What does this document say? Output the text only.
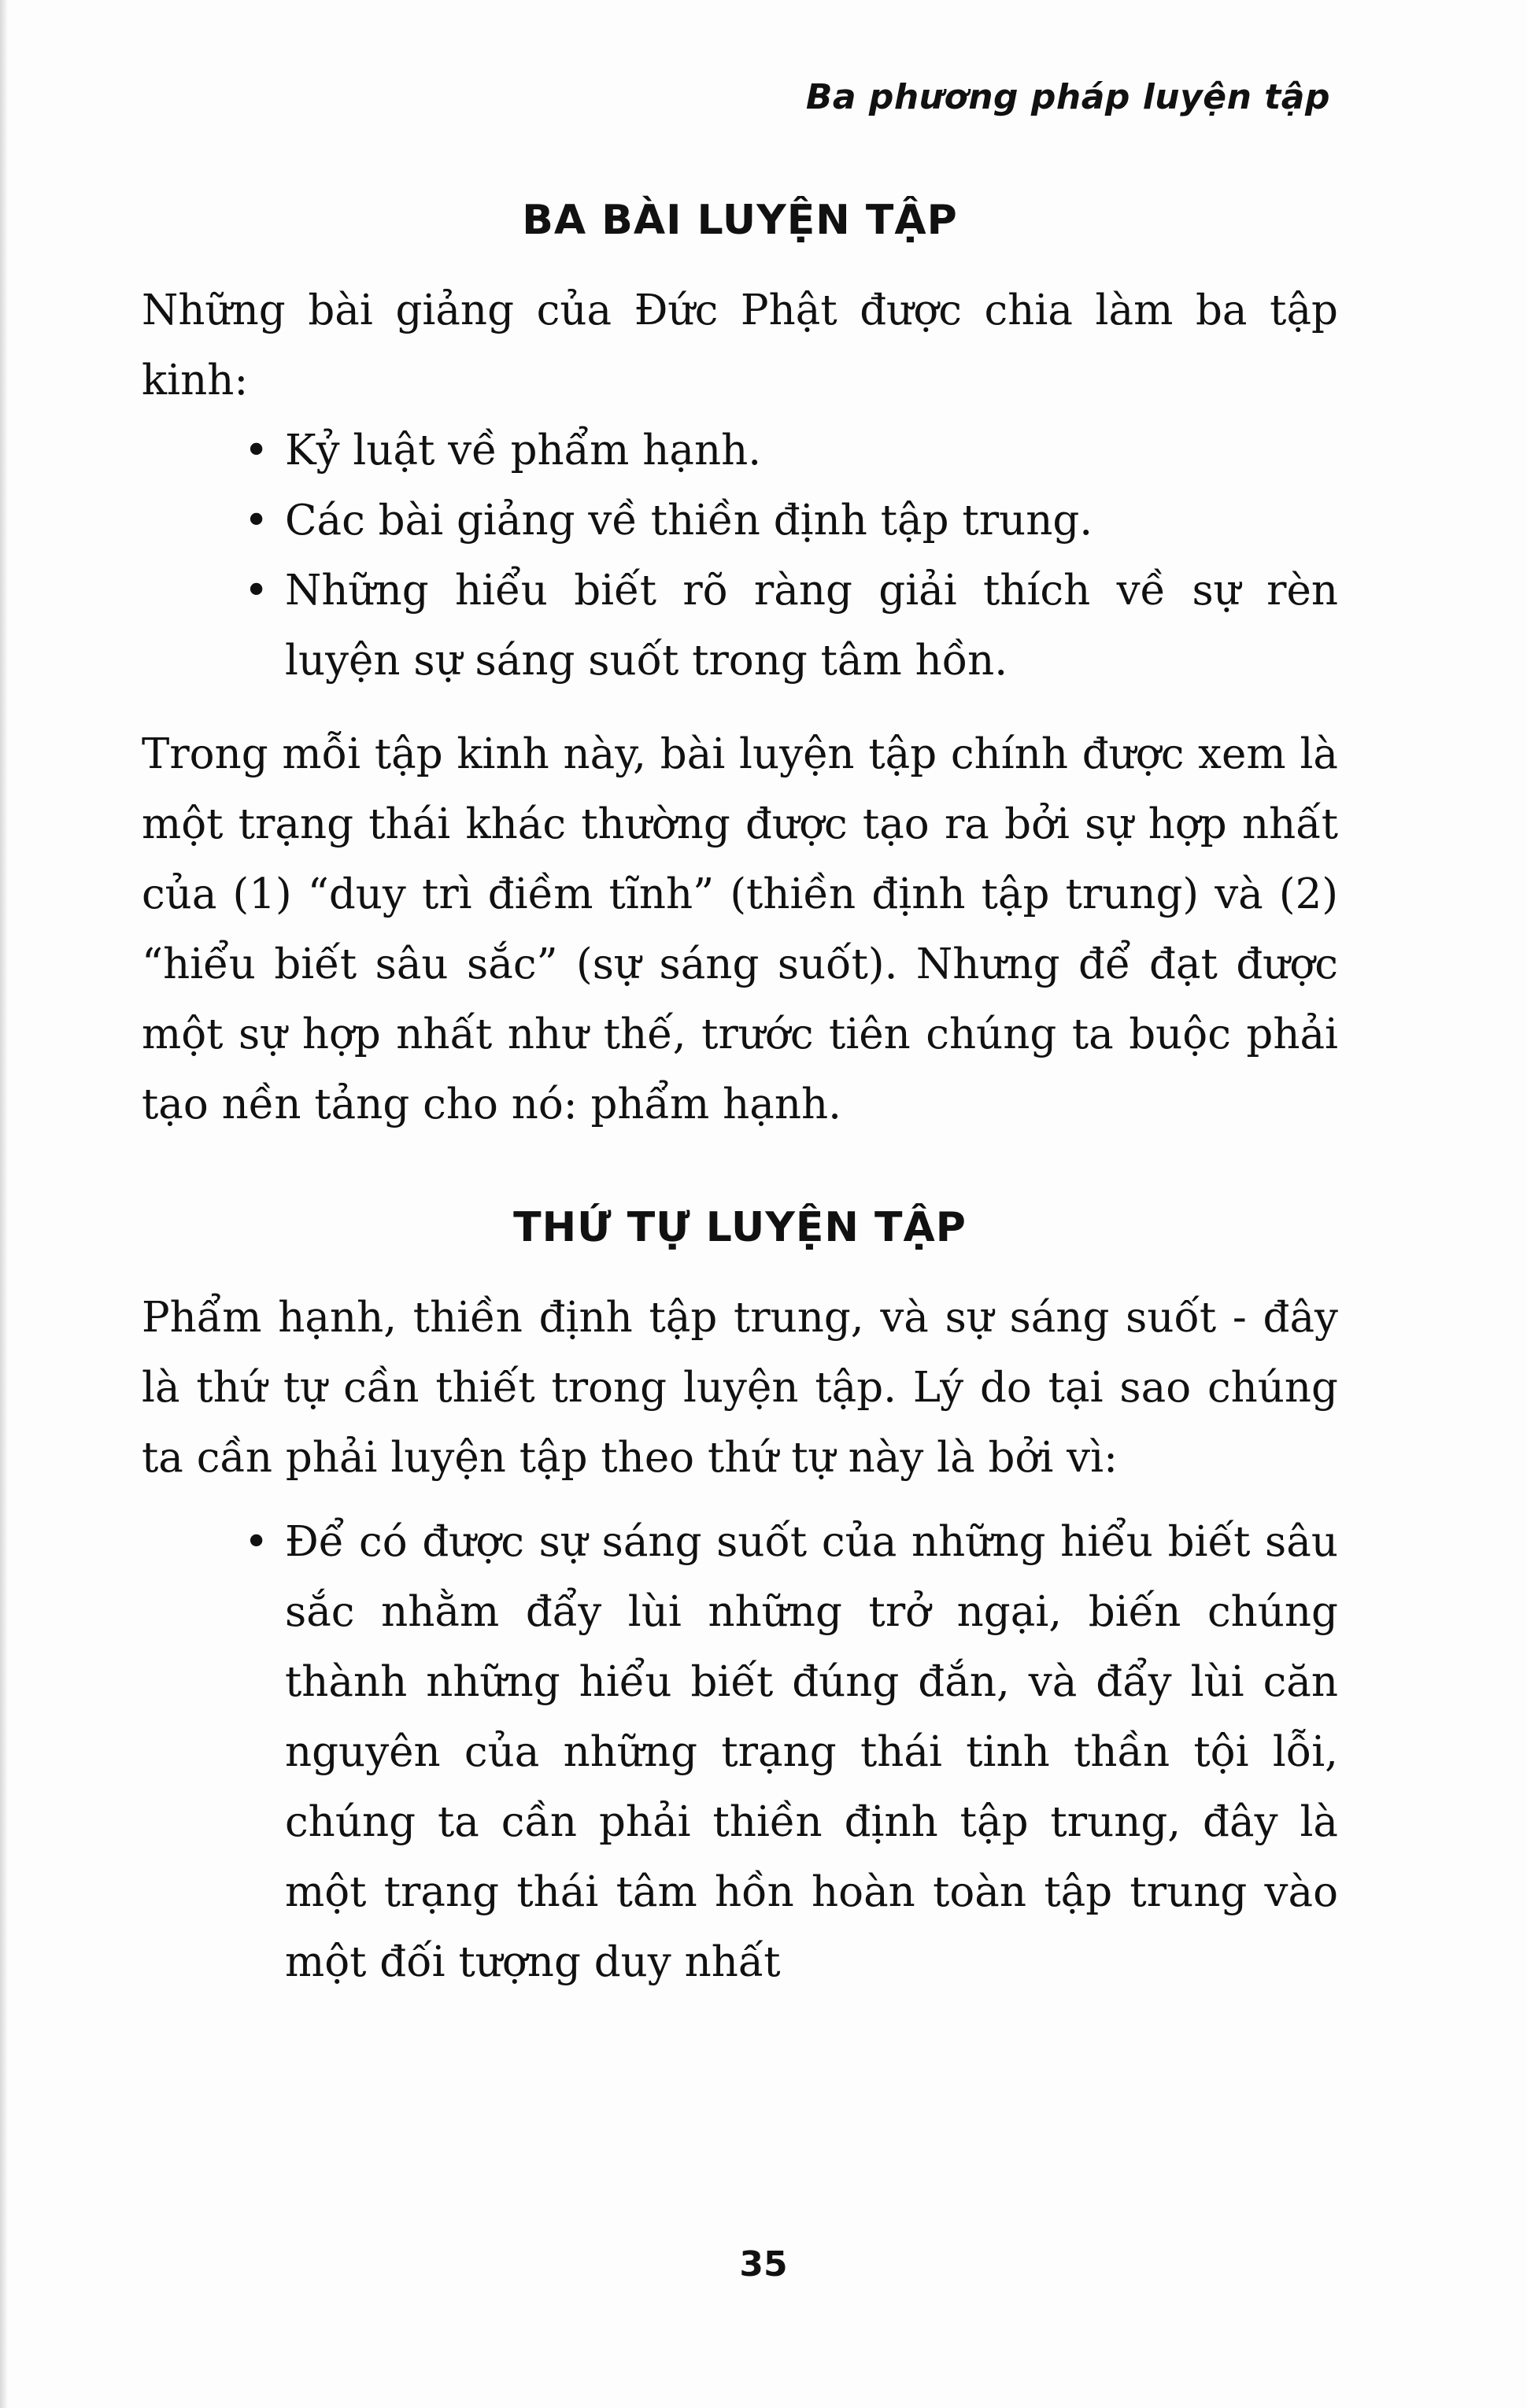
Ba phương pháp luyện tập
BA BÀI LUYỆN TẬP

Những bài giảng của Đức Phật được chia làm ba tập kinh:

• Kỷ luật về phẩm hạnh.
• Các bài giảng về thiền định tập trung.
• Những hiểu biết rõ ràng giải thích về sự rèn luyện sự sáng suốt trong tâm hồn.

Trong mỗi tập kinh này, bài luyện tập chính được xem là một trạng thái khác thường được tạo ra bởi sự hợp nhất của (1) “duy trì điềm tĩnh” (thiền định tập trung) và (2) “hiểu biết sâu sắc” (sự sáng suốt). Nhưng để đạt được một sự hợp nhất như thế, trước tiên chúng ta buộc phải tạo nền tảng cho nó: phẩm hạnh.

THỨ TỰ LUYỆN TẬP

Phẩm hạnh, thiền định tập trung, và sự sáng suốt - đây là thứ tự cần thiết trong luyện tập. Lý do tại sao chúng ta cần phải luyện tập theo thứ tự này là bởi vì:

• Để có được sự sáng suốt của những hiểu biết sâu sắc nhằm đẩy lùi những trở ngại, biến chúng thành những hiểu biết đúng đắn, và đẩy lùi căn nguyên của những trạng thái tinh thần tội lỗi, chúng ta cần phải thiền định tập trung, đây là một trạng thái tâm hồn hoàn toàn tập trung vào một đối tượng duy nhất
35
